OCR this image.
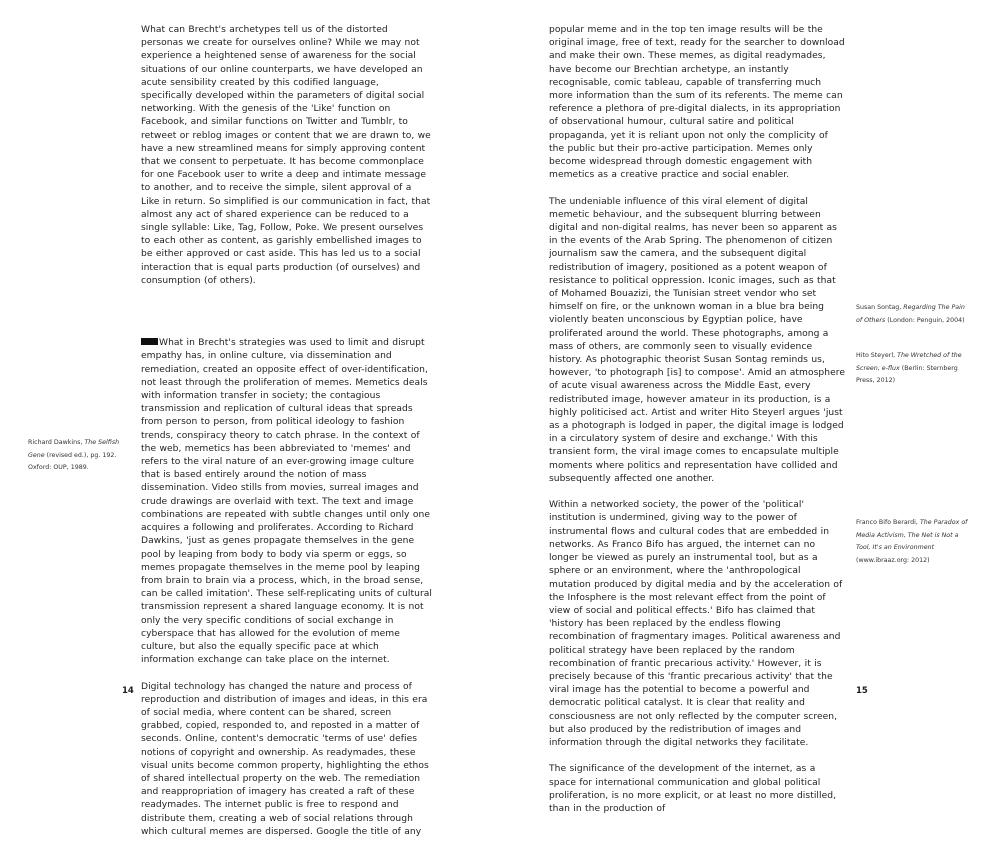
What can Brecht's archetypes tell us of the distorted personas we create for ourselves online? While we may not experience a heightened sense of awareness for the social situations of our online counterparts, we have developed an acute sensibility created by this codified language, specifically developed within the parameters of digital social networking. With the genesis of the 'Like' function on Facebook, and similar functions on Twitter and Tumblr, to retweet or reblog images or content that we are drawn to, we have a new streamlined means for simply approving content that we consent to perpetuate. It has become commonplace for one Facebook user to write a deep and intimate message to another, and to receive the simple, silent approval of a Like in return. So simplified is our communication in fact, that almost any act of shared experience can be reduced to a single syllable: Like, Tag, Follow, Poke. We present ourselves to each other as content, as garishly embellished images to be either approved or cast aside. This has led us to a social interaction that is equal parts production (of ourselves) and consumption (of others).

What in Brecht's strategies was used to limit and disrupt empathy has, in online culture, via dissemination and remediation, created an opposite effect of over-identification, not least through the proliferation of memes. Memetics deals with information transfer in society; the contagious transmission and replication of cultural ideas that spreads from person to person, from political ideology to fashion trends, conspiracy theory to catch phrase. In the context of the web, memetics has been abbreviated to 'memes' and refers to the viral nature of an ever-growing image culture that is based entirely around the notion of mass dissemination. Video stills from movies, surreal images and crude drawings are overlaid with text. The text and image combinations are repeated with subtle changes until only one acquires a following and proliferates. According to Richard Dawkins, 'just as genes propagate themselves in the gene pool by leaping from body to body via sperm or eggs, so memes propagate themselves in the meme pool by leaping from brain to brain via a process, which, in the broad sense, can be called imitation'. These self-replicating units of cultural transmission represent a shared language economy. It is not only the very specific conditions of social exchange in cyberspace that has allowed for the evolution of meme culture, but also the equally specific pace at which information exchange can take place on the internet.

Digital technology has changed the nature and process of reproduction and distribution of images and ideas, in this era of social media, where content can be shared, screen grabbed, copied, responded to, and reposted in a matter of seconds. Online, content's democratic 'terms of use' defies notions of copyright and ownership. As readymades, these visual units become common property, highlighting the ethos of shared intellectual property on the web. The remediation and reappropriation of imagery has created a raft of these readymades. The internet public is free to respond and distribute them, creating a web of social relations through which cultural memes are dispersed. Google the title of any

Richard Dawkins, The Selfish Gene (revised ed.), pg. 192. Oxford: OUP, 1989.
14

popular meme and in the top ten image results will be the original image, free of text, ready for the searcher to download and make their own. These memes, as digital readymades, have become our Brechtian archetype, an instantly recognisable, comic tableau, capable of transferring much more information than the sum of its referents. The meme can reference a plethora of pre-digital dialects, in its appropriation of observational humour, cultural satire and political propaganda, yet it is reliant upon not only the complicity of the public but their pro-active participation. Memes only become widespread through domestic engagement with memetics as a creative practice and social enabler.

The undeniable influence of this viral element of digital memetic behaviour, and the subsequent blurring between digital and non-digital realms, has never been so apparent as in the events of the Arab Spring. The phenomenon of citizen journalism saw the camera, and the subsequent digital redistribution of imagery, positioned as a potent weapon of resistance to political oppression. Iconic images, such as that of Mohamed Bouazizi, the Tunisian street vendor who set himself on fire, or the unknown woman in a blue bra being violently beaten unconscious by Egyptian police, have proliferated around the world. These photographs, among a mass of others, are commonly seen to visually evidence history. As photographic theorist Susan Sontag reminds us, however, 'to photograph [is] to compose'. Amid an atmosphere of acute visual awareness across the Middle East, every redistributed image, however amateur in its production, is a highly politicised act. Artist and writer Hito Steyerl argues 'just as a photograph is lodged in paper, the digital image is lodged in a circulatory system of desire and exchange.' With this transient form, the viral image comes to encapsulate multiple moments where politics and representation have collided and subsequently affected one another.

Within a networked society, the power of the 'political' institution is undermined, giving way to the power of instrumental flows and cultural codes that are embedded in networks. As Franco Bifo has argued, the internet can no longer be viewed as purely an instrumental tool, but as a sphere or an environment, where the 'anthropological mutation produced by digital media and by the acceleration of the Infosphere is the most relevant effect from the point of view of social and political effects.' Bifo has claimed that 'history has been replaced by the endless flowing recombination of fragmentary images. Political awareness and political strategy have been replaced by the random recombination of frantic precarious activity.' However, it is precisely because of this 'frantic precarious activity' that the viral image has the potential to become a powerful and democratic political catalyst. It is clear that reality and consciousness are not only reflected by the computer screen, but also produced by the redistribution of images and information through the digital networks they facilitate.

The significance of the development of the internet, as a space for international communication and global political proliferation, is no more explicit, or at least no more distilled, than in the production of

Susan Sontag, Regarding The Pain of Others (London: Penguin, 2004)
Hito Steyerl, The Wretched of the Screen, e-flux (Berlin: Sternberg Press, 2012)
Franco Bifo Berardi, The Paradox of Media Activism, The Net is Not a Tool, It's an Environment (www.ibraaz.org: 2012)
15
